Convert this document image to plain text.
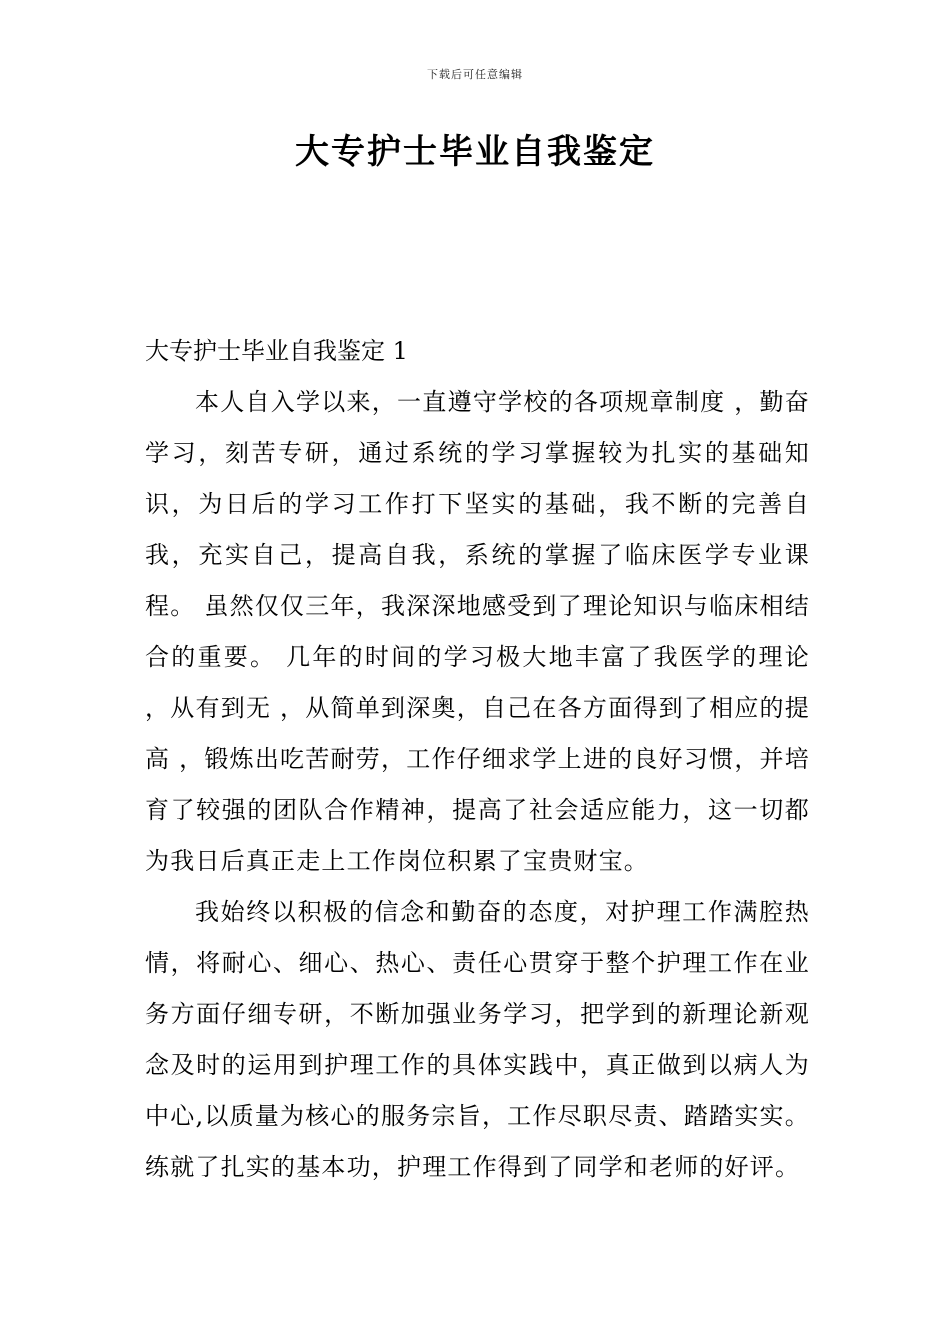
下载后可任意编辑
大专护士毕业自我鉴定
大专护士毕业自我鉴定 1

本人自入学以来，一直遵守学校的各项规章制度 ，勤奋学习，刻苦专研，通过系统的学习掌握较为扎实的基础知识，为日后的学习工作打下坚实的基础，我不断的完善自我，充实自己，提高自我，系统的掌握了临床医学专业课程。 虽然仅仅三年，我深深地感受到了理论知识与临床相结合的重要。 几年的时间的学习极大地丰富了我医学的理论 ，从有到无 ，从简单到深奥，自己在各方面得到了相应的提高 ，锻炼出吃苦耐劳，工作仔细求学上进的良好习惯，并培育了较强的团队合作精神，提高了社会适应能力，这一切都为我日后真正走上工作岗位积累了宝贵财宝。

我始终以积极的信念和勤奋的态度，对护理工作满腔热情，将耐心、细心、热心、责任心贯穿于整个护理工作在业务方面仔细专研，不断加强业务学习，把学到的新理论新观念及时的运用到护理工作的具体实践中，真正做到以病人为中心,以质量为核心的服务宗旨，工作尽职尽责、踏踏实实。练就了扎实的基本功，护理工作得到了同学和老师的好评。
